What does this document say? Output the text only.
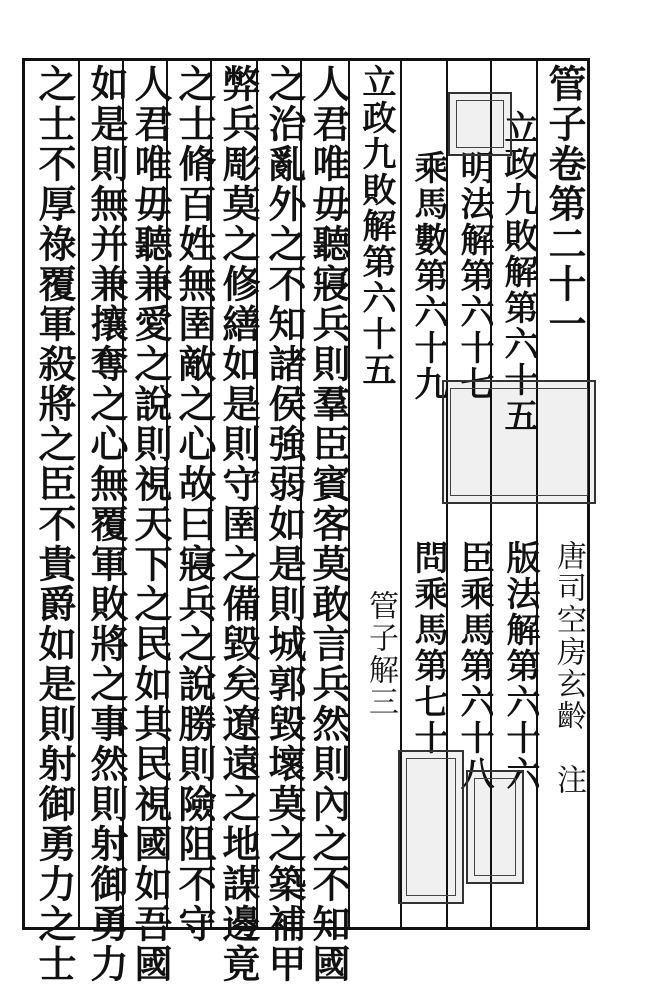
管子卷第二十一
唐司空房玄齡　注
立政九敗解第六十五
版法解第六十六
明法解第六十七
臣乘馬第六十八
乘馬數第六十九
問乘馬第七十
立政九敗解第六十五
管子解三
人君唯毋聽寢兵則羣臣賓客莫敢言兵然則內之不知國
之治亂外之不知諸侯強弱如是則城郭毀壞莫之築補甲
弊兵彫莫之修繕如是則守圉之備毀矣遼遠之地謀邊竟
之士脩百姓無圉敵之心故曰寢兵之說勝則險阻不守
人君唯毋聽兼愛之說則視天下之民如其民視國如吾國
如是則無并兼攘奪之心無覆軍敗將之事然則射御勇力
之士不厚祿覆軍殺將之臣不貴爵如是則射御勇力之士
